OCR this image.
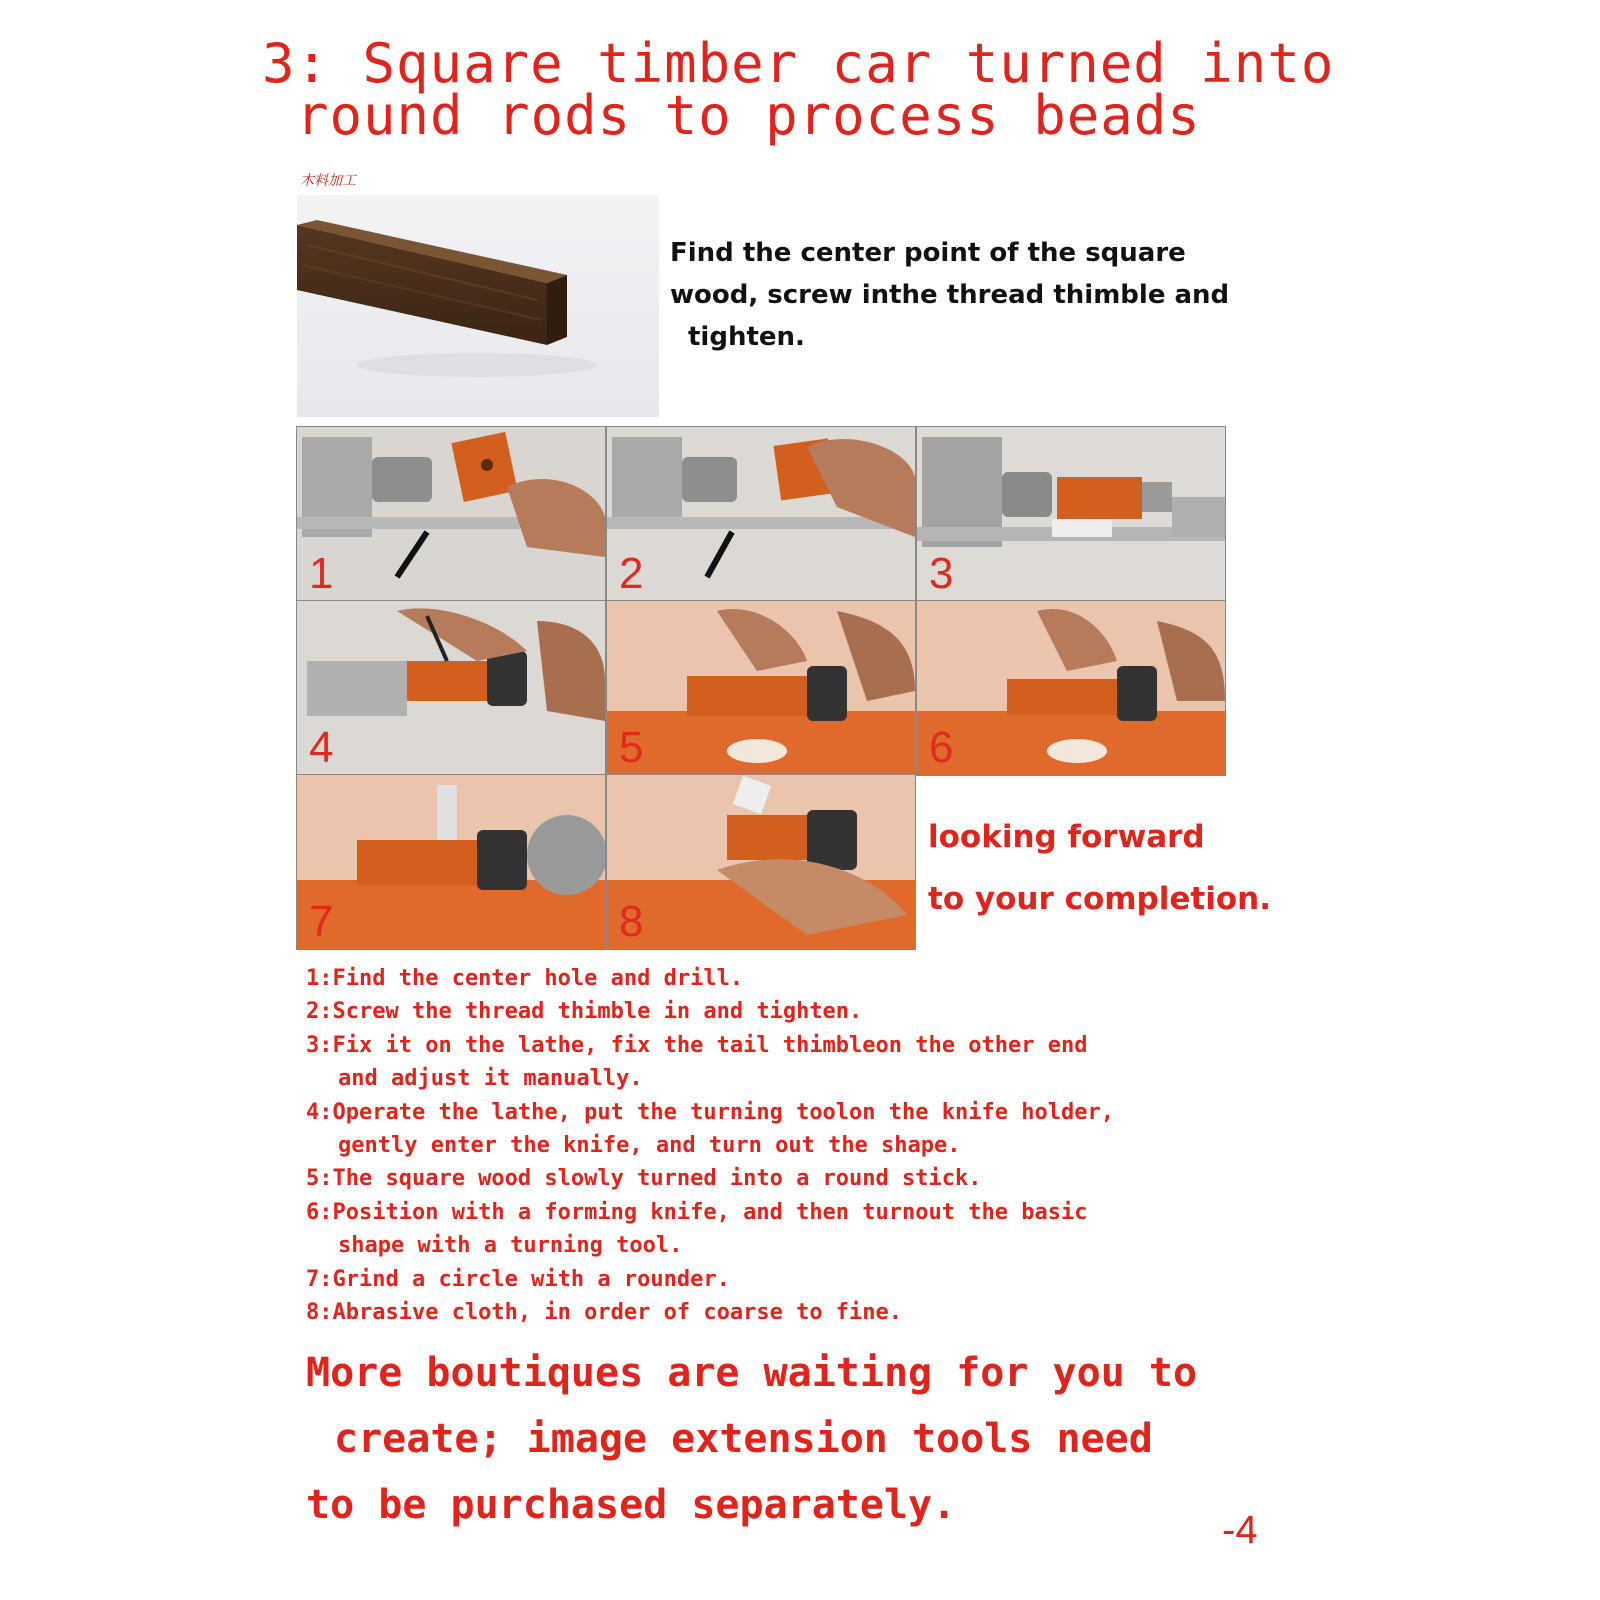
3: Square timber car turned into
round rods to process beads
木料加工
Find the center point of the square
wood, screw inthe thread thimble and
tighten.
1	2	3
4	5	6
7	8
looking forward
to your completion.
1:Find the center hole and drill.
2:Screw the thread thimble in and tighten.
3:Fix it on the lathe, fix the tail thimbleon the other end
and adjust it manually.
4:Operate the lathe, put the turning toolon the knife holder,
gently enter the knife, and turn out the shape.
5:The square wood slowly turned into a round stick.
6:Position with a forming knife, and then turnout the basic
shape with a turning tool.
7:Grind a circle with a rounder.
8:Abrasive cloth, in order of coarse to fine.
More boutiques are waiting for you to
create; image extension tools need
to be purchased separately.
-4
